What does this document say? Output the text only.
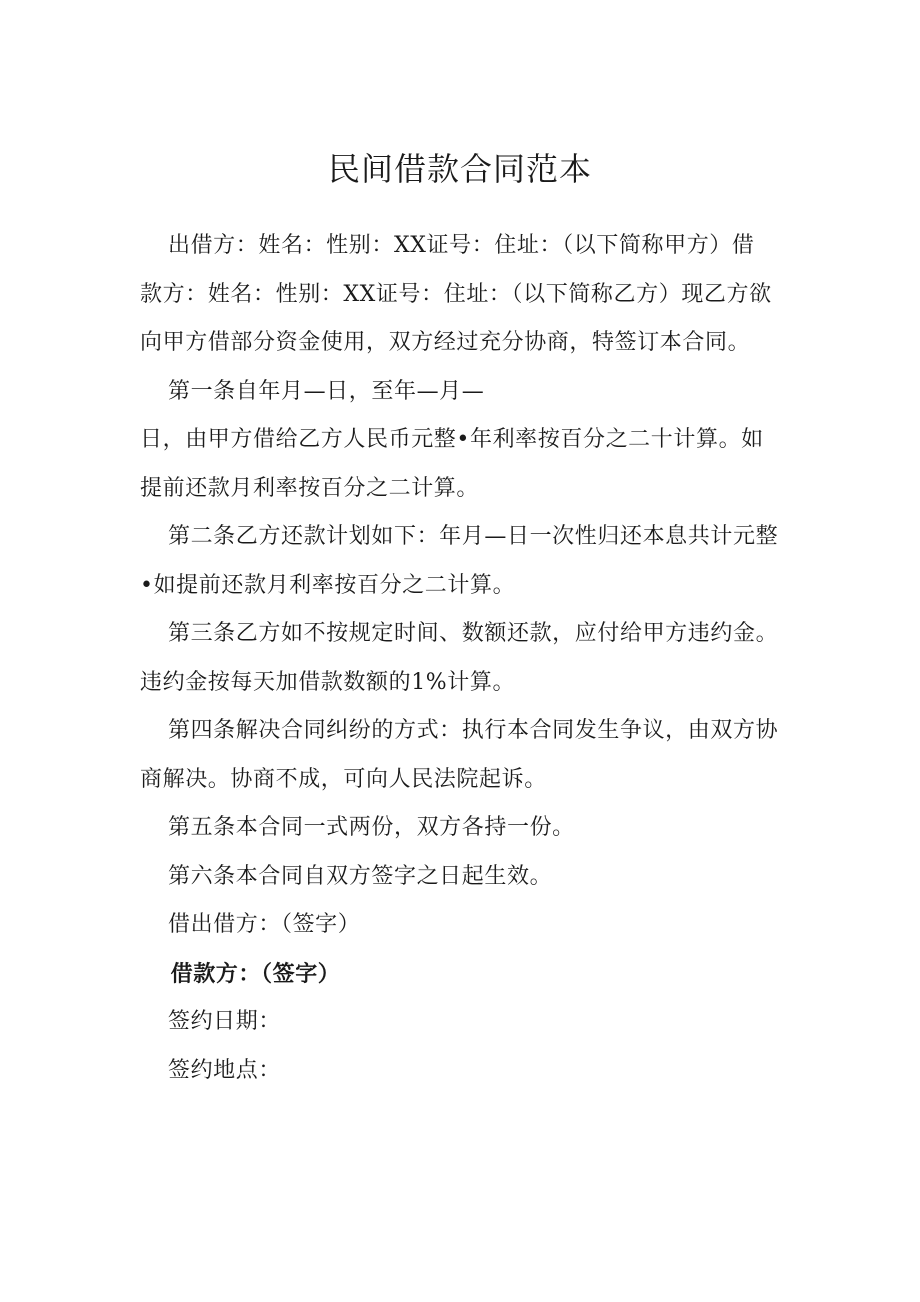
民间借款合同范本

出借方：姓名：性别：XX证号：住址：（以下简称甲方）借
款方：姓名：性别：XX证号：住址：（以下简称乙方）现乙方欲
向甲方借部分资金使用，双方经过充分协商，特签订本合同。

第一条自年月—日，至年—月—

日，由甲方借给乙方人民币元整•年利率按百分之二十计算。如
提前还款月利率按百分之二计算。

第二条乙方还款计划如下：年月—日一次性归还本息共计元整
•如提前还款月利率按百分之二计算。

第三条乙方如不按规定时间、数额还款，应付给甲方违约金。
违约金按每天加借款数额的1%计算。

第四条解决合同纠纷的方式：执行本合同发生争议，由双方协
商解决。协商不成，可向人民法院起诉。

第五条本合同一式两份，双方各持一份。

第六条本合同自双方签字之日起生效。

借出借方：（签字）

借款方：（签字）

签约日期：

签约地点：
